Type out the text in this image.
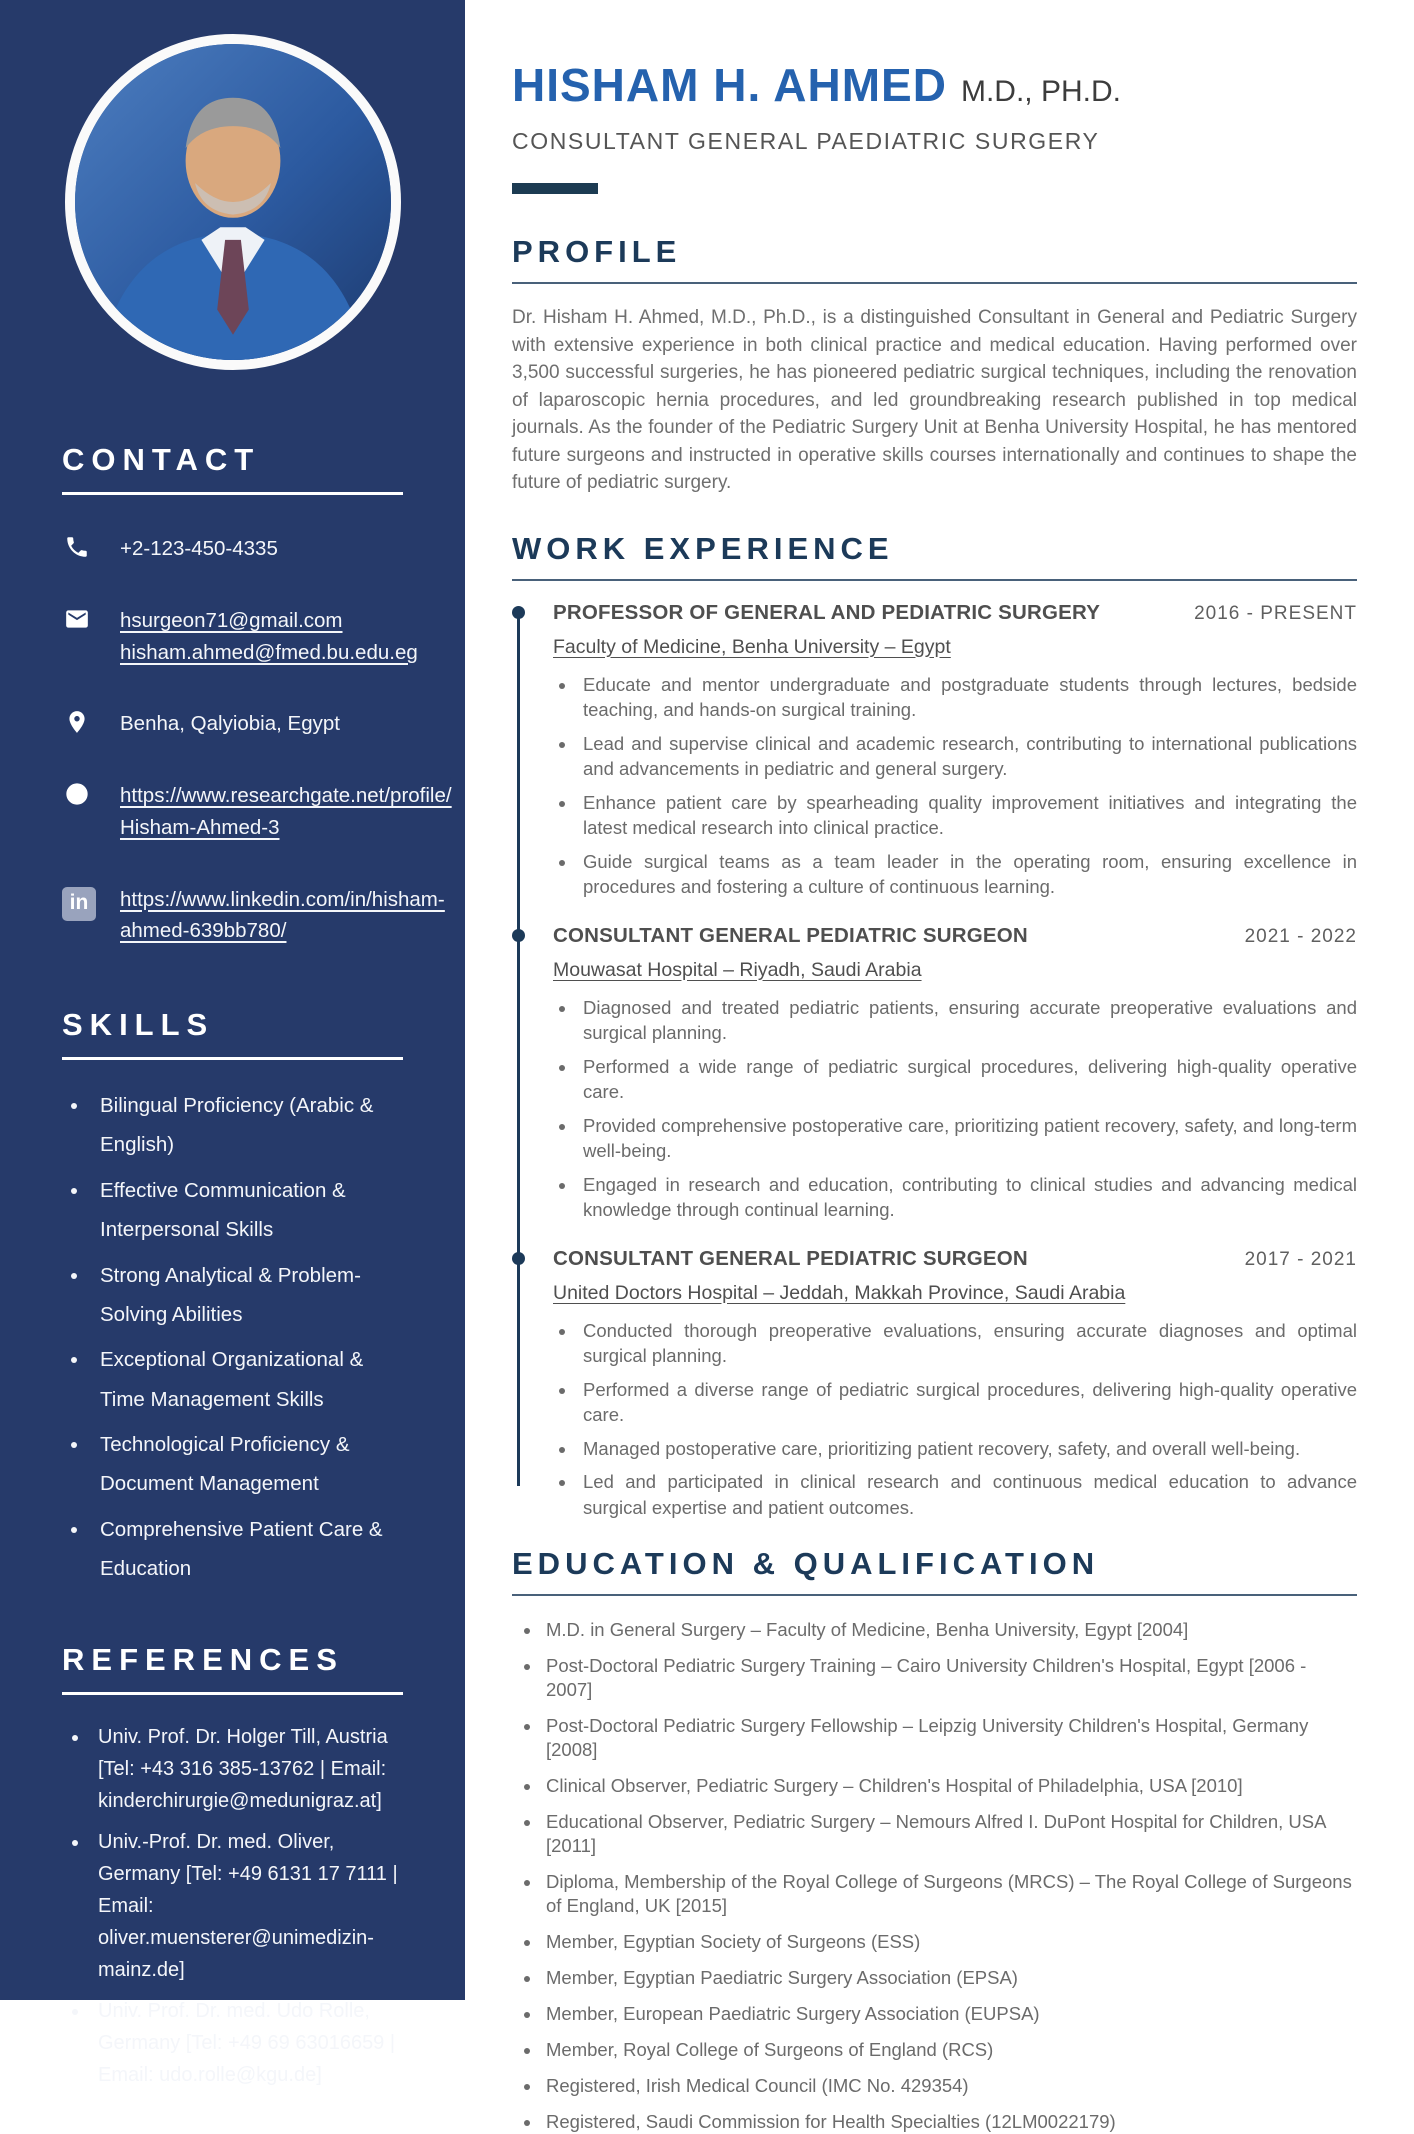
CONTACT
+2-123-450-4335
hsurgeon71@gmail.com
hisham.ahmed@fmed.bu.edu.eg
Benha, Qalyiobia, Egypt
https://www.researchgate.net/profile/
Hisham-Ahmed-3
in	https://www.linkedin.com/in/hisham-
ahmed-639bb780/
SKILLS
• Bilingual Proficiency (Arabic & English)
• Effective Communication & Interpersonal Skills
• Strong Analytical & Problem-Solving Abilities
• Exceptional Organizational & Time Management Skills
• Technological Proficiency & Document Management
• Comprehensive Patient Care & Education
REFERENCES
• Univ. Prof. Dr. Holger Till, Austria [Tel: +43 316 385-13762 | Email: kinderchirurgie@medunigraz.at]
• Univ.-Prof. Dr. med. Oliver, Germany [Tel: +49 6131 17 7111 | Email: oliver.muensterer@unimedizin-mainz.de]
• Univ. Prof. Dr. med. Udo Rolle, Germany [Tel: +49 69 63016659 | Email: udo.rolle@kgu.de]
HISHAM H. AHMED M.D., PH.D.
CONSULTANT GENERAL PAEDIATRIC SURGERY
PROFILE

Dr. Hisham H. Ahmed, M.D., Ph.D., is a distinguished Consultant in General and Pediatric Surgery with extensive experience in both clinical practice and medical education. Having performed over 3,500 successful surgeries, he has pioneered pediatric surgical techniques, including the renovation of laparoscopic hernia procedures, and led groundbreaking research published in top medical journals. As the founder of the Pediatric Surgery Unit at Benha University Hospital, he has mentored future surgeons and instructed in operative skills courses internationally and continues to shape the future of pediatric surgery.

WORK EXPERIENCE
PROFESSOR OF GENERAL AND PEDIATRIC SURGERY	2016 - PRESENT
Faculty of Medicine, Benha University – Egypt
• Educate and mentor undergraduate and postgraduate students through lectures, bedside teaching, and hands-on surgical training.
• Lead and supervise clinical and academic research, contributing to international publications and advancements in pediatric and general surgery.
• Enhance patient care by spearheading quality improvement initiatives and integrating the latest medical research into clinical practice.
• Guide surgical teams as a team leader in the operating room, ensuring excellence in procedures and fostering a culture of continuous learning.
CONSULTANT GENERAL PEDIATRIC SURGEON	2021 - 2022
Mouwasat Hospital – Riyadh, Saudi Arabia
• Diagnosed and treated pediatric patients, ensuring accurate preoperative evaluations and surgical planning.
• Performed a wide range of pediatric surgical procedures, delivering high-quality operative care.
• Provided comprehensive postoperative care, prioritizing patient recovery, safety, and long-term well-being.
• Engaged in research and education, contributing to clinical studies and advancing medical knowledge through continual learning.
CONSULTANT GENERAL PEDIATRIC SURGEON	2017 - 2021
United Doctors Hospital – Jeddah, Makkah Province, Saudi Arabia
• Conducted thorough preoperative evaluations, ensuring accurate diagnoses and optimal surgical planning.
• Performed a diverse range of pediatric surgical procedures, delivering high-quality operative care.
• Managed postoperative care, prioritizing patient recovery, safety, and overall well-being.
• Led and participated in clinical research and continuous medical education to advance surgical expertise and patient outcomes.
EDUCATION & QUALIFICATION
• M.D. in General Surgery – Faculty of Medicine, Benha University, Egypt [2004]
• Post-Doctoral Pediatric Surgery Training – Cairo University Children's Hospital, Egypt [2006 - 2007]
• Post-Doctoral Pediatric Surgery Fellowship – Leipzig University Children's Hospital, Germany [2008]
• Clinical Observer, Pediatric Surgery – Children's Hospital of Philadelphia, USA [2010]
• Educational Observer, Pediatric Surgery – Nemours Alfred I. DuPont Hospital for Children, USA [2011]
• Diploma, Membership of the Royal College of Surgeons (MRCS) – The Royal College of Surgeons of England, UK [2015]
• Member, Egyptian Society of Surgeons (ESS)
• Member, Egyptian Paediatric Surgery Association (EPSA)
• Member, European Paediatric Surgery Association (EUPSA)
• Member, Royal College of Surgeons of England (RCS)
• Registered, Irish Medical Council (IMC No. 429354)
• Registered, Saudi Commission for Health Specialties (12LM0022179)
